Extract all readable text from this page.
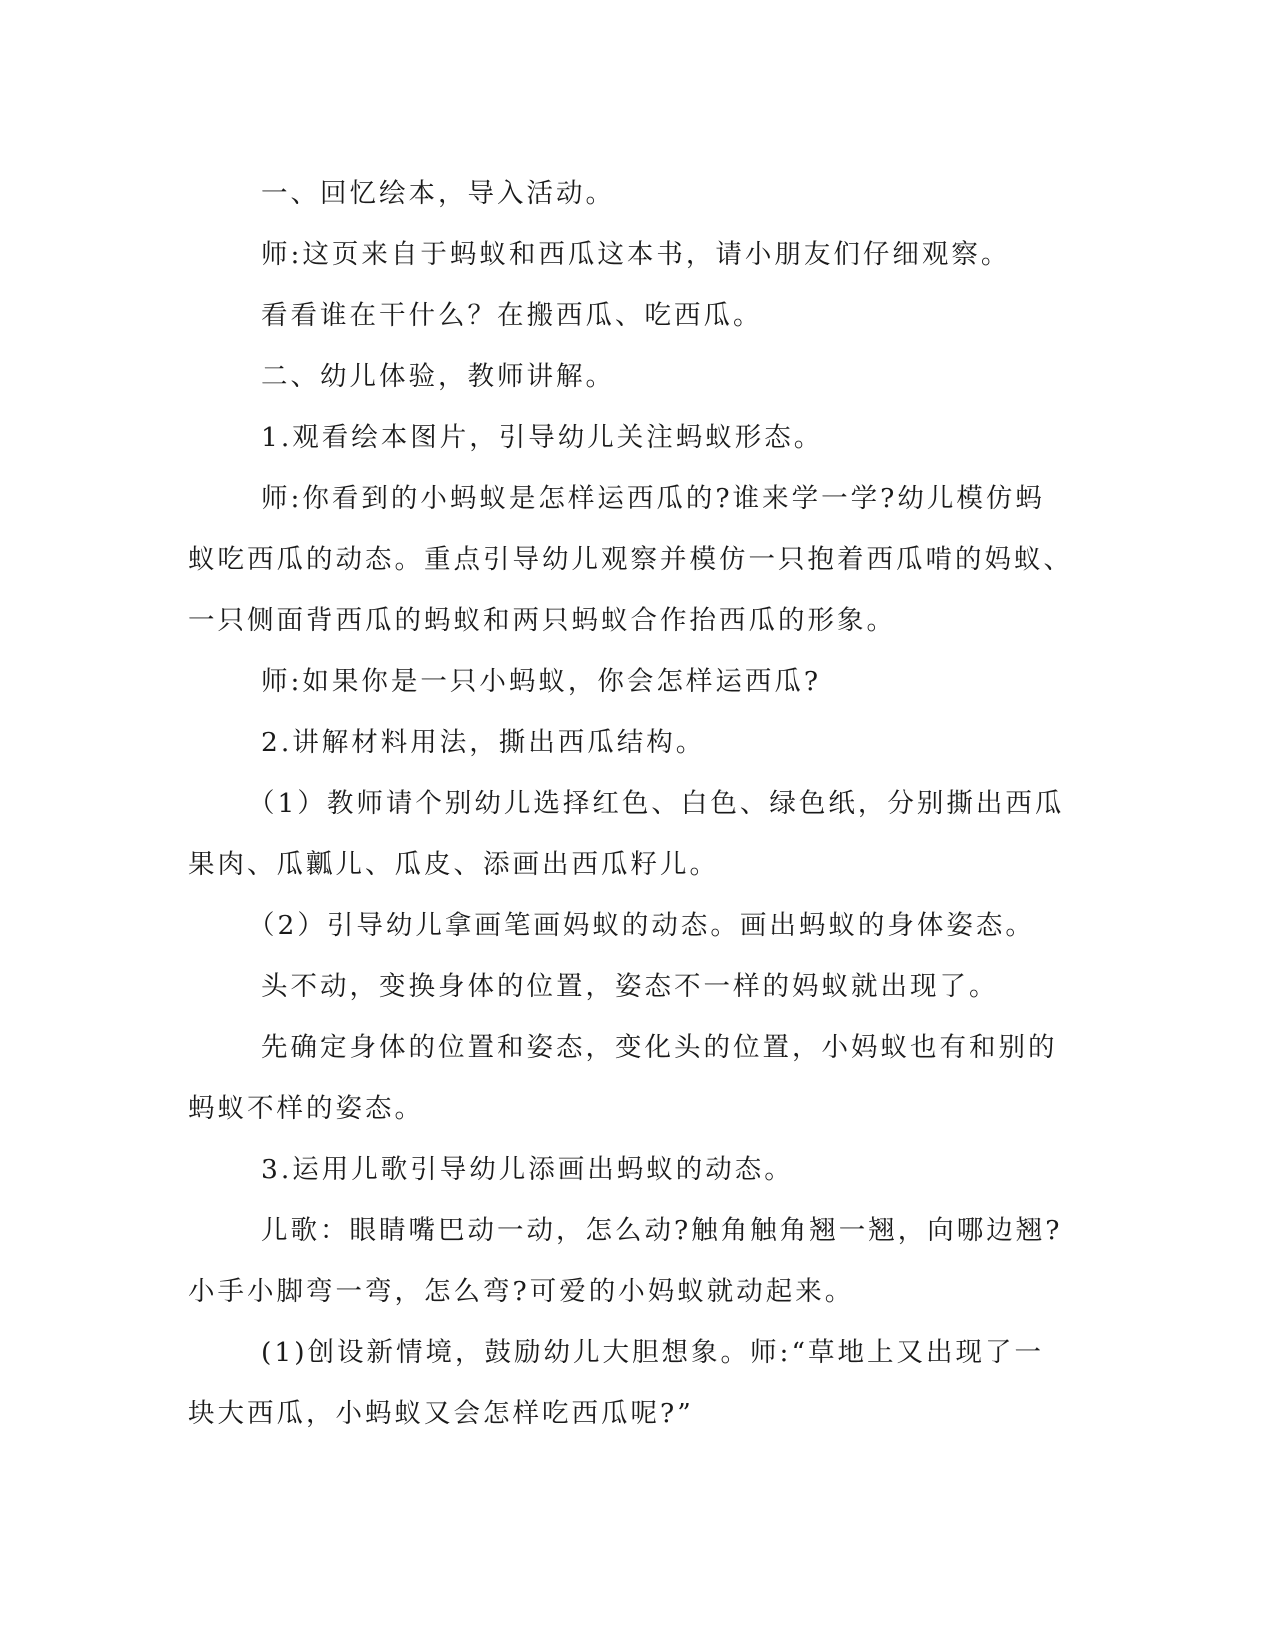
一、回忆绘本，导入活动。

师:这页来自于蚂蚁和西瓜这本书，请小朋友们仔细观察。

看看谁在干什么？在搬西瓜、吃西瓜。

二、幼儿体验，教师讲解。

1.观看绘本图片，引导幼儿关注蚂蚁形态。

师:你看到的小蚂蚁是怎样运西瓜的?谁来学一学?幼儿模仿蚂蚁吃西瓜的动态。重点引导幼儿观察并模仿一只抱着西瓜啃的妈蚁、一只侧面背西瓜的蚂蚁和两只蚂蚁合作抬西瓜的形象。

师:如果你是一只小蚂蚁，你会怎样运西瓜?

2.讲解材料用法，撕出西瓜结构。

（1）教师请个别幼儿选择红色、白色、绿色纸，分别撕出西瓜果肉、瓜瓤儿、瓜皮、添画出西瓜籽儿。

（2）引导幼儿拿画笔画妈蚁的动态。画出蚂蚁的身体姿态。

头不动，变换身体的位置，姿态不一样的妈蚁就出现了。

先确定身体的位置和姿态，变化头的位置，小妈蚁也有和别的蚂蚁不样的姿态。

3.运用儿歌引导幼儿添画出蚂蚁的动态。

儿歌：眼睛嘴巴动一动，怎么动?触角触角翘一翘，向哪边翘?小手小脚弯一弯，怎么弯?可爱的小妈蚁就动起来。

(1)创设新情境，鼓励幼儿大胆想象。师:“草地上又出现了一块大西瓜，小蚂蚁又会怎样吃西瓜呢?”
